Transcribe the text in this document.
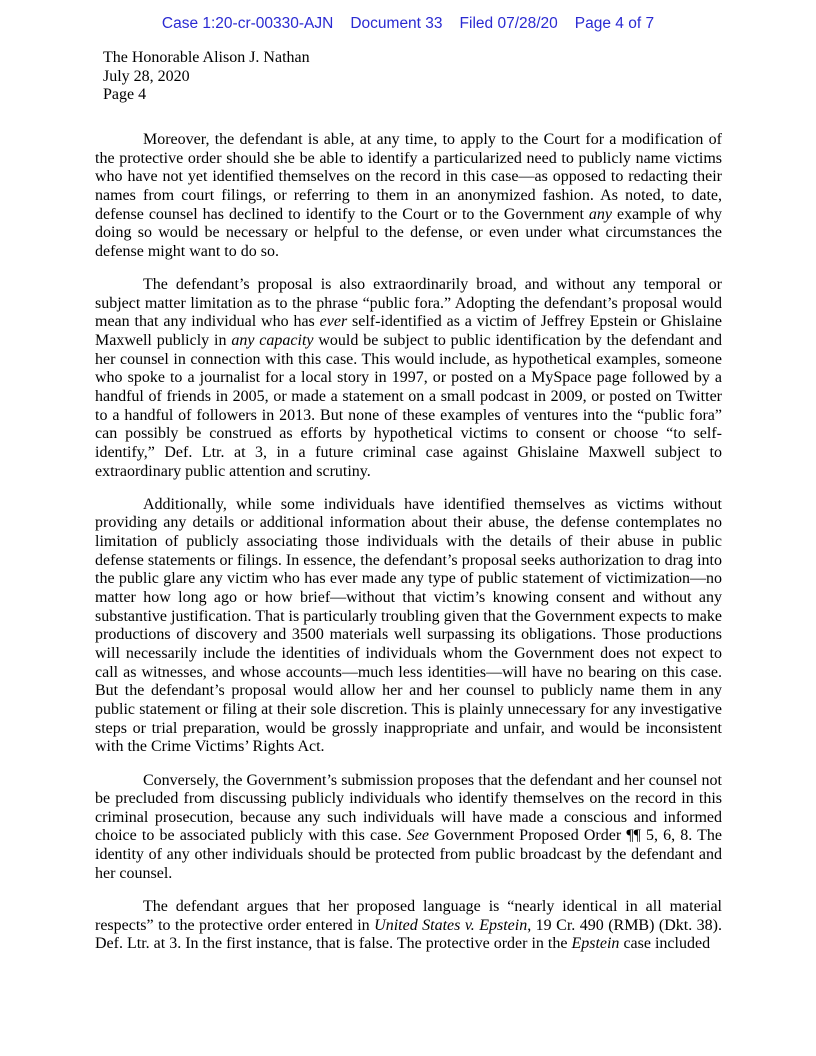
Case 1:20-cr-00330-AJN Document 33 Filed 07/28/20 Page 4 of 7
The Honorable Alison J. Nathan
July 28, 2020
Page 4

Moreover, the defendant is able, at any time, to apply to the Court for a modification of the protective order should she be able to identify a particularized need to publicly name victims who have not yet identified themselves on the record in this case—as opposed to redacting their names from court filings, or referring to them in an anonymized fashion. As noted, to date, defense counsel has declined to identify to the Court or to the Government any example of why doing so would be necessary or helpful to the defense, or even under what circumstances the defense might want to do so.

The defendant’s proposal is also extraordinarily broad, and without any temporal or subject matter limitation as to the phrase “public fora.” Adopting the defendant’s proposal would mean that any individual who has ever self-identified as a victim of Jeffrey Epstein or Ghislaine Maxwell publicly in any capacity would be subject to public identification by the defendant and her counsel in connection with this case. This would include, as hypothetical examples, someone who spoke to a journalist for a local story in 1997, or posted on a MySpace page followed by a handful of friends in 2005, or made a statement on a small podcast in 2009, or posted on Twitter to a handful of followers in 2013. But none of these examples of ventures into the “public fora” can possibly be construed as efforts by hypothetical victims to consent or choose “to self-identify,” Def. Ltr. at 3, in a future criminal case against Ghislaine Maxwell subject to extraordinary public attention and scrutiny.

Additionally, while some individuals have identified themselves as victims without providing any details or additional information about their abuse, the defense contemplates no limitation of publicly associating those individuals with the details of their abuse in public defense statements or filings. In essence, the defendant’s proposal seeks authorization to drag into the public glare any victim who has ever made any type of public statement of victimization—no matter how long ago or how brief—without that victim’s knowing consent and without any substantive justification. That is particularly troubling given that the Government expects to make productions of discovery and 3500 materials well surpassing its obligations. Those productions will necessarily include the identities of individuals whom the Government does not expect to call as witnesses, and whose accounts—much less identities—will have no bearing on this case. But the defendant’s proposal would allow her and her counsel to publicly name them in any public statement or filing at their sole discretion. This is plainly unnecessary for any investigative steps or trial preparation, would be grossly inappropriate and unfair, and would be inconsistent with the Crime Victims’ Rights Act.

Conversely, the Government’s submission proposes that the defendant and her counsel not be precluded from discussing publicly individuals who identify themselves on the record in this criminal prosecution, because any such individuals will have made a conscious and informed choice to be associated publicly with this case. See Government Proposed Order ¶¶ 5, 6, 8. The identity of any other individuals should be protected from public broadcast by the defendant and her counsel.

The defendant argues that her proposed language is “nearly identical in all material respects” to the protective order entered in United States v. Epstein, 19 Cr. 490 (RMB) (Dkt. 38). Def. Ltr. at 3. In the first instance, that is false. The protective order in the Epstein case included
